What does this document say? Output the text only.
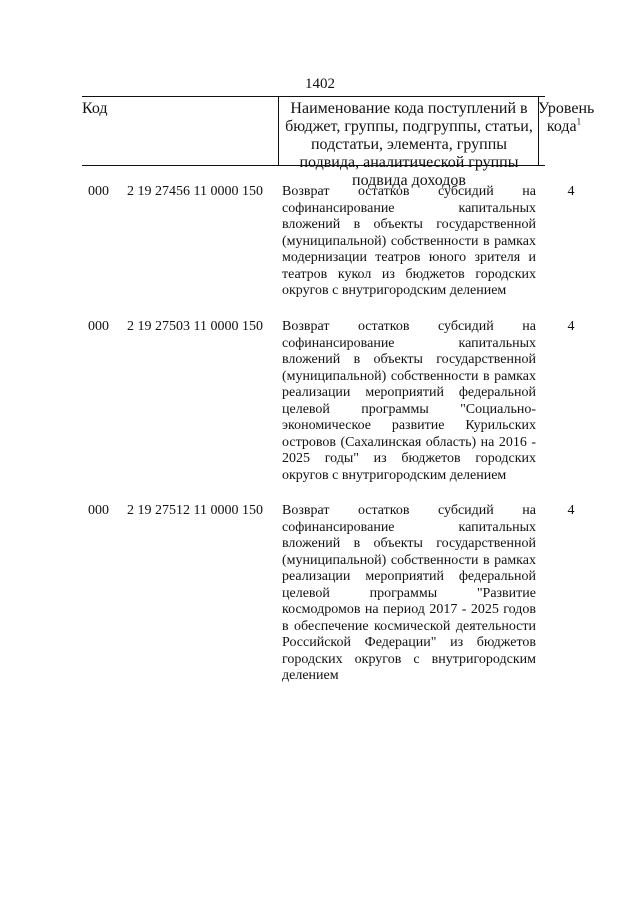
1402
Код	Наименование кода поступлений в бюджет, группы, подгруппы, статьи, подстатьи, элемента, группы подвида, аналитической группы подвида доходов
Уровень кода$^1$
000 2 19 27456 11 0000 150 Возврат остатков субсидий на софинансирование капитальных вложений в объекты государственной (муниципальной) собственности в рамках модернизации театров юного зрителя и театров кукол из бюджетов городских округов с внутригородским делением
4
000 2 19 27503 11 0000 150 Возврат остатков субсидий на софинансирование капитальных вложений в объекты государственной (муниципальной) собственности в рамках реализации мероприятий федеральной целевой программы "Социально-экономическое развитие Курильских островов (Сахалинская область) на 2016 - 2025 годы" из бюджетов городских округов с внутригородским делением
4
000 2 19 27512 11 0000 150 Возврат остатков субсидий на софинансирование капитальных вложений в объекты государственной (муниципальной) собственности в рамках реализации мероприятий федеральной целевой программы "Развитие космодромов на период 2017 - 2025 годов в обеспечение космической деятельности Российской Федерации" из бюджетов городских округов с внутригородским делением
4
